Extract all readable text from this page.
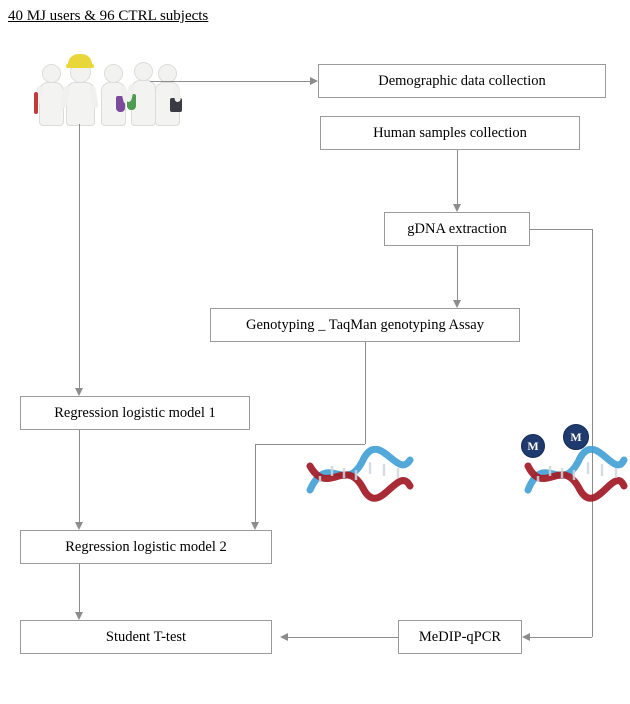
40 MJ users & 96 CTRL subjects
Demographic data collection
Human samples collection
gDNA extraction
Genotyping _ TaqMan genotyping Assay
Regression logistic model 1
Regression logistic model 2
Student T-test	MeDIP-qPCR
M
M
